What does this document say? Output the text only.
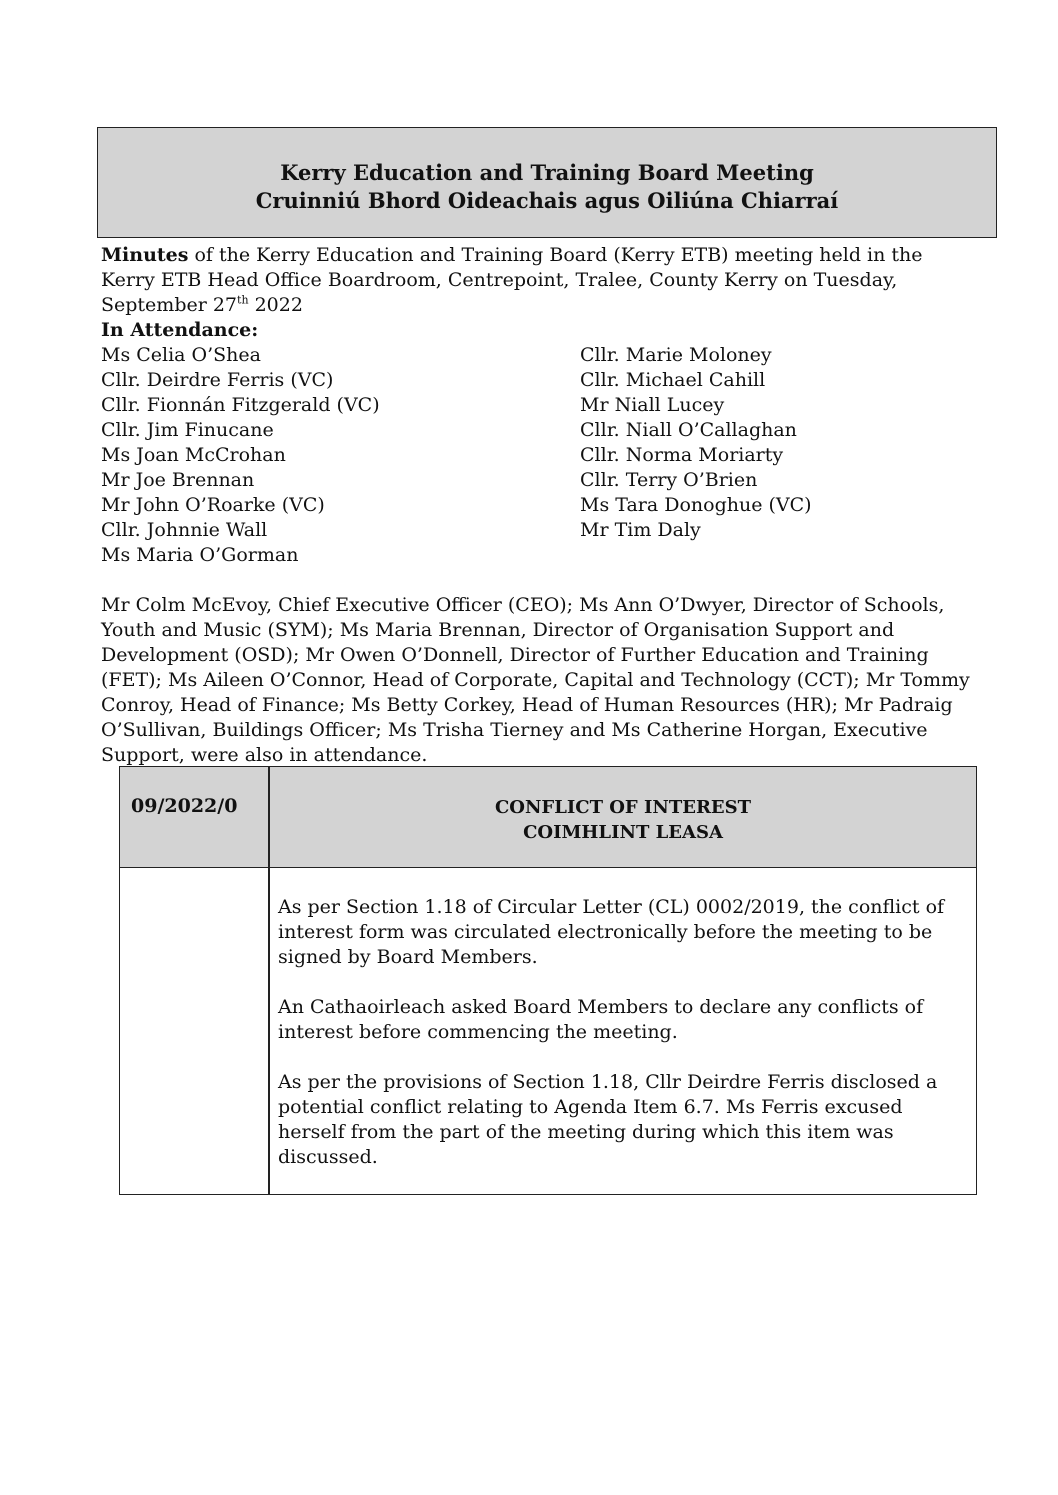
Kerry Education and Training Board Meeting
Cruinniú Bhord Oideachais agus Oiliúna Chiarraí
Minutes of the Kerry Education and Training Board (Kerry ETB) meeting held in the Kerry ETB Head Office Boardroom, Centrepoint, Tralee, County Kerry on Tuesday, September 27th 2022
In Attendance:
Ms Celia O’Shea
Cllr. Deirdre Ferris (VC)
Cllr. Fionnán Fitzgerald (VC)
Cllr. Jim Finucane
Ms Joan McCrohan
Mr Joe Brennan
Mr John O’Roarke (VC)
Cllr. Johnnie Wall
Ms Maria O’Gorman
Cllr. Marie Moloney
Cllr. Michael Cahill
Mr Niall Lucey
Cllr. Niall O’Callaghan
Cllr. Norma Moriarty
Cllr. Terry O’Brien
Ms Tara Donoghue (VC)
Mr Tim Daly
Mr Colm McEvoy, Chief Executive Officer (CEO); Ms Ann O’Dwyer, Director of Schools, Youth and Music (SYM); Ms Maria Brennan, Director of Organisation Support and Development (OSD); Mr Owen O’Donnell, Director of Further Education and Training (FET); Ms Aileen O’Connor, Head of Corporate, Capital and Technology (CCT); Mr Tommy Conroy, Head of Finance; Ms Betty Corkey, Head of Human Resources (HR); Mr Padraig O’Sullivan, Buildings Officer; Ms Trisha Tierney and Ms Catherine Horgan, Executive Support, were also in attendance.
09/2022/0	CONFLICT OF INTEREST
COIMHLINT LEASA

As per Section 1.18 of Circular Letter (CL) 0002/2019, the conflict of interest form was circulated electronically before the meeting to be signed by Board Members.

An Cathaoirleach asked Board Members to declare any conflicts of interest before commencing the meeting.

As per the provisions of Section 1.18, Cllr Deirdre Ferris disclosed a potential conflict relating to Agenda Item 6.7. Ms Ferris excused herself from the part of the meeting during which this item was discussed.
